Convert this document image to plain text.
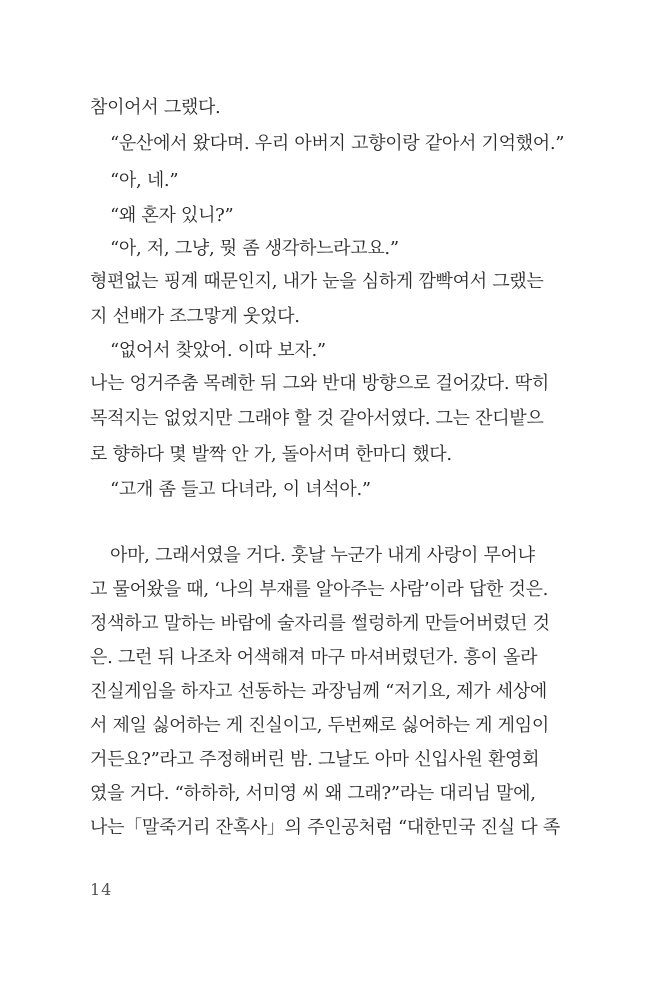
참이어서 그랬다.
“운산에서 왔다며. 우리 아버지 고향이랑 같아서 기억했어.”
“아, 네.”
“왜 혼자 있니?”
“아, 저, 그냥, 뭣 좀 생각하느라고요.”
형편없는 핑계 때문인지, 내가 눈을 심하게 깜빡여서 그랬는
지 선배가 조그맣게 웃었다.
“없어서 찾았어. 이따 보자.”
나는 엉거주춤 목례한 뒤 그와 반대 방향으로 걸어갔다. 딱히
목적지는 없었지만 그래야 할 것 같아서였다. 그는 잔디밭으
로 향하다 몇 발짝 안 가, 돌아서며 한마디 했다.
“고개 좀 들고 다녀라, 이 녀석아.”
아마, 그래서였을 거다. 훗날 누군가 내게 사랑이 무어냐
고 물어왔을 때, ‘나의 부재를 알아주는 사람’이라 답한 것은.
정색하고 말하는 바람에 술자리를 썰렁하게 만들어버렸던 것
은. 그런 뒤 나조차 어색해져 마구 마셔버렸던가. 흥이 올라
진실게임을 하자고 선동하는 과장님께 “저기요, 제가 세상에
서 제일 싫어하는 게 진실이고, 두번째로 싫어하는 게 게임이
거든요?”라고 주정해버린 밤. 그날도 아마 신입사원 환영회
였을 거다. “하하하, 서미영 씨 왜 그래?”라는 대리님 말에,
나는「말죽거리 잔혹사」의 주인공처럼 “대한민국 진실 다 족
14
